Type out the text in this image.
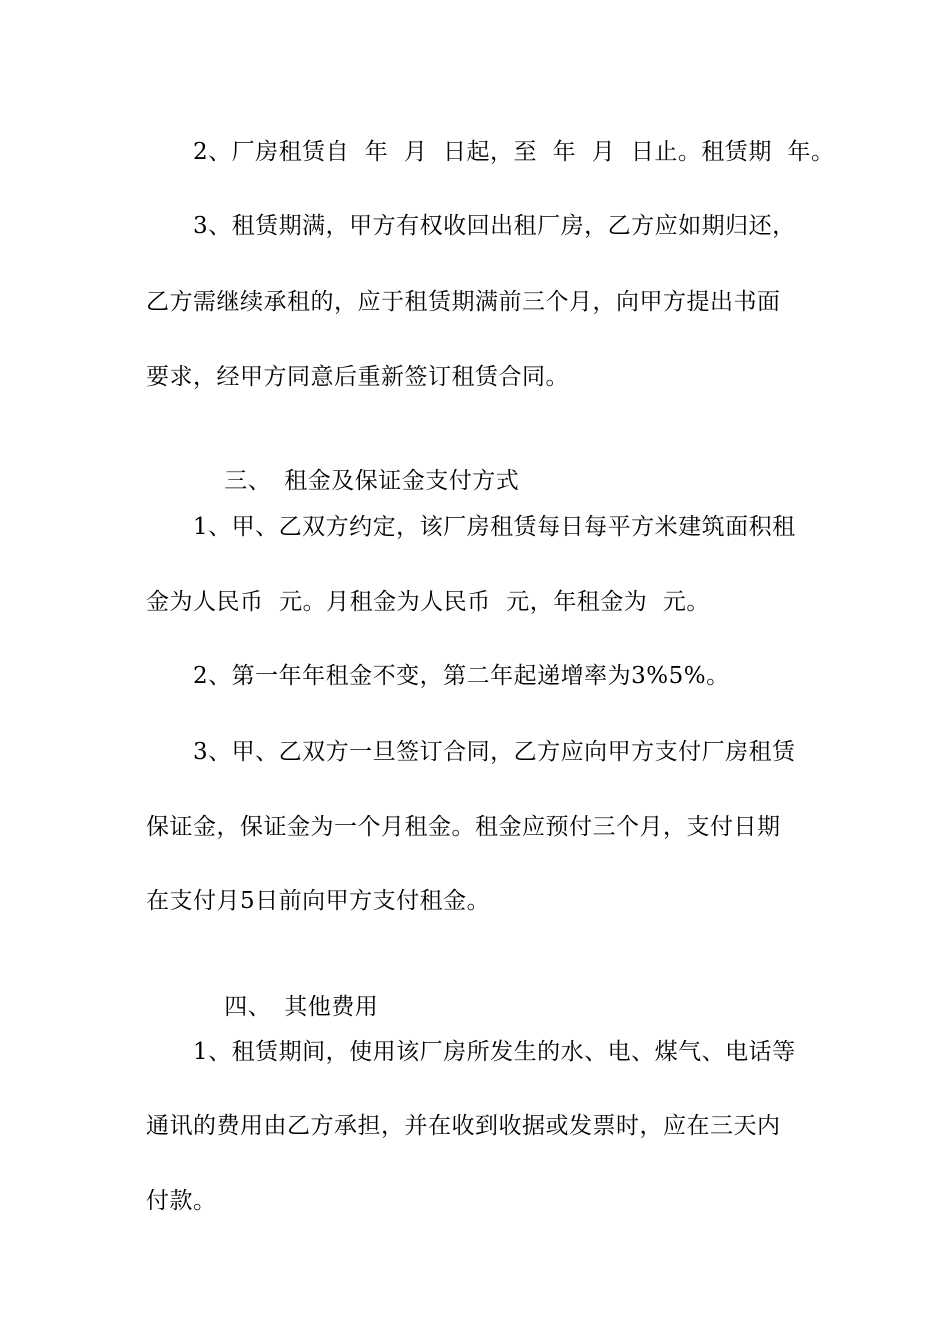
2、厂房租赁自  年  月  日起，至  年  月  日止。租赁期  年。
3、租赁期满，甲方有权收回出租厂房，乙方应如期归还，
乙方需继续承租的，应于租赁期满前三个月，向甲方提出书面
要求，经甲方同意后重新签订租赁合同。

三、 租金及保证金支付方式

1、甲、乙双方约定，该厂房租赁每日每平方米建筑面积租
金为人民币  元。月租金为人民币  元，年租金为  元。
2、第一年年租金不变，第二年起递增率为3%5%。
3、甲、乙双方一旦签订合同，乙方应向甲方支付厂房租赁
保证金，保证金为一个月租金。租金应预付三个月，支付日期
在支付月5日前向甲方支付租金。

四、 其他费用

1、租赁期间，使用该厂房所发生的水、电、煤气、电话等
通讯的费用由乙方承担，并在收到收据或发票时，应在三天内
付款。
